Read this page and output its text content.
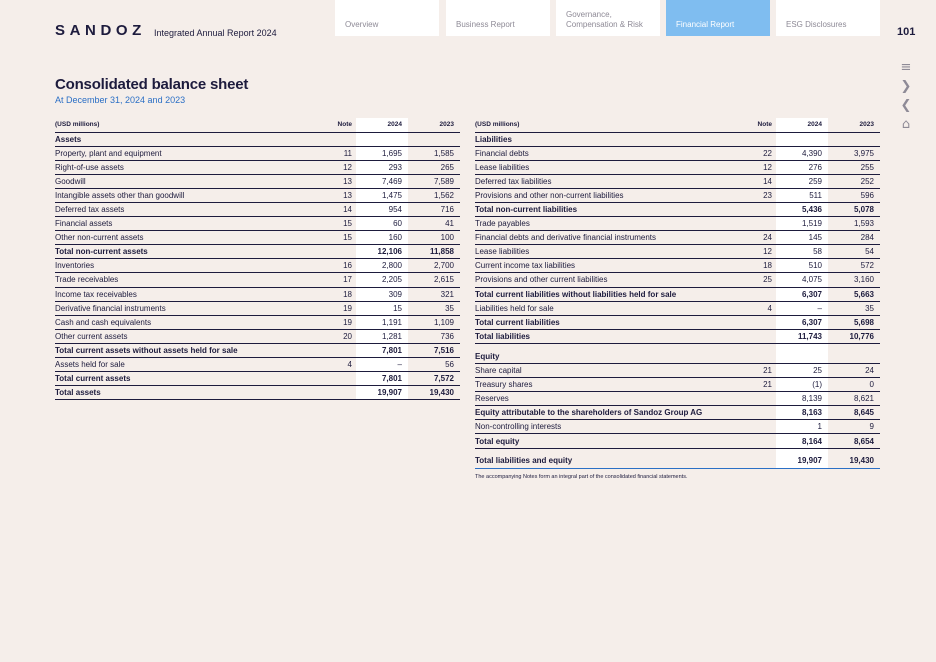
SANDOZ Integrated Annual Report 2024
Overview	Business Report
Governance, Compensation & Risk	Financial Report	ESG Disclosures
101
≡
❯
❮
⌂
Consolidated balance sheet
At December 31, 2024 and 2023
(USD millions)	Note	2024	2023
Assets			
Property, plant and equipment	11	1,695	1,585
Right-of-use assets	12	293	265
Goodwill	13	7,469	7,589
Intangible assets other than goodwill	13	1,475	1,562
Deferred tax assets	14	954	716
Financial assets	15	60	41
Other non-current assets	15	160	100
Total non-current assets		12,106	11,858
Inventories	16	2,800	2,700
Trade receivables	17	2,205	2,615
Income tax receivables	18	309	321
Derivative financial instruments	19	15	35
Cash and cash equivalents	19	1,191	1,109
Other current assets	20	1,281	736
Total current assets without assets held for sale		7,801	7,516
Assets held for sale	4	–	56
Total current assets		7,801	7,572
Total assets		19,907	19,430
(USD millions)	Note	2024	2023
Liabilities			
Financial debts	22	4,390	3,975
Lease liabilities	12	276	255
Deferred tax liabilities	14	259	252
Provisions and other non-current liabilities	23	511	596
Total non-current liabilities		5,436	5,078
Trade payables		1,519	1,593
Financial debts and derivative financial instruments	24	145	284
Lease liabilities	12	58	54
Current income tax liabilities	18	510	572
Provisions and other current liabilities	25	4,075	3,160
Total current liabilities without liabilities held for sale		6,307	5,663
Liabilities held for sale	4	–	35
Total current liabilities		6,307	5,698
Total liabilities		11,743	10,776

Equity			
Share capital	21	25	24
Treasury shares	21	(1)	0
Reserves		8,139	8,621
Equity attributable to the shareholders of Sandoz Group AG		8,163	8,645
Non-controlling interests		1	9
Total equity		8,164	8,654

Total liabilities and equity		19,907	19,430
The accompanying Notes form an integral part of the consolidated financial statements.
